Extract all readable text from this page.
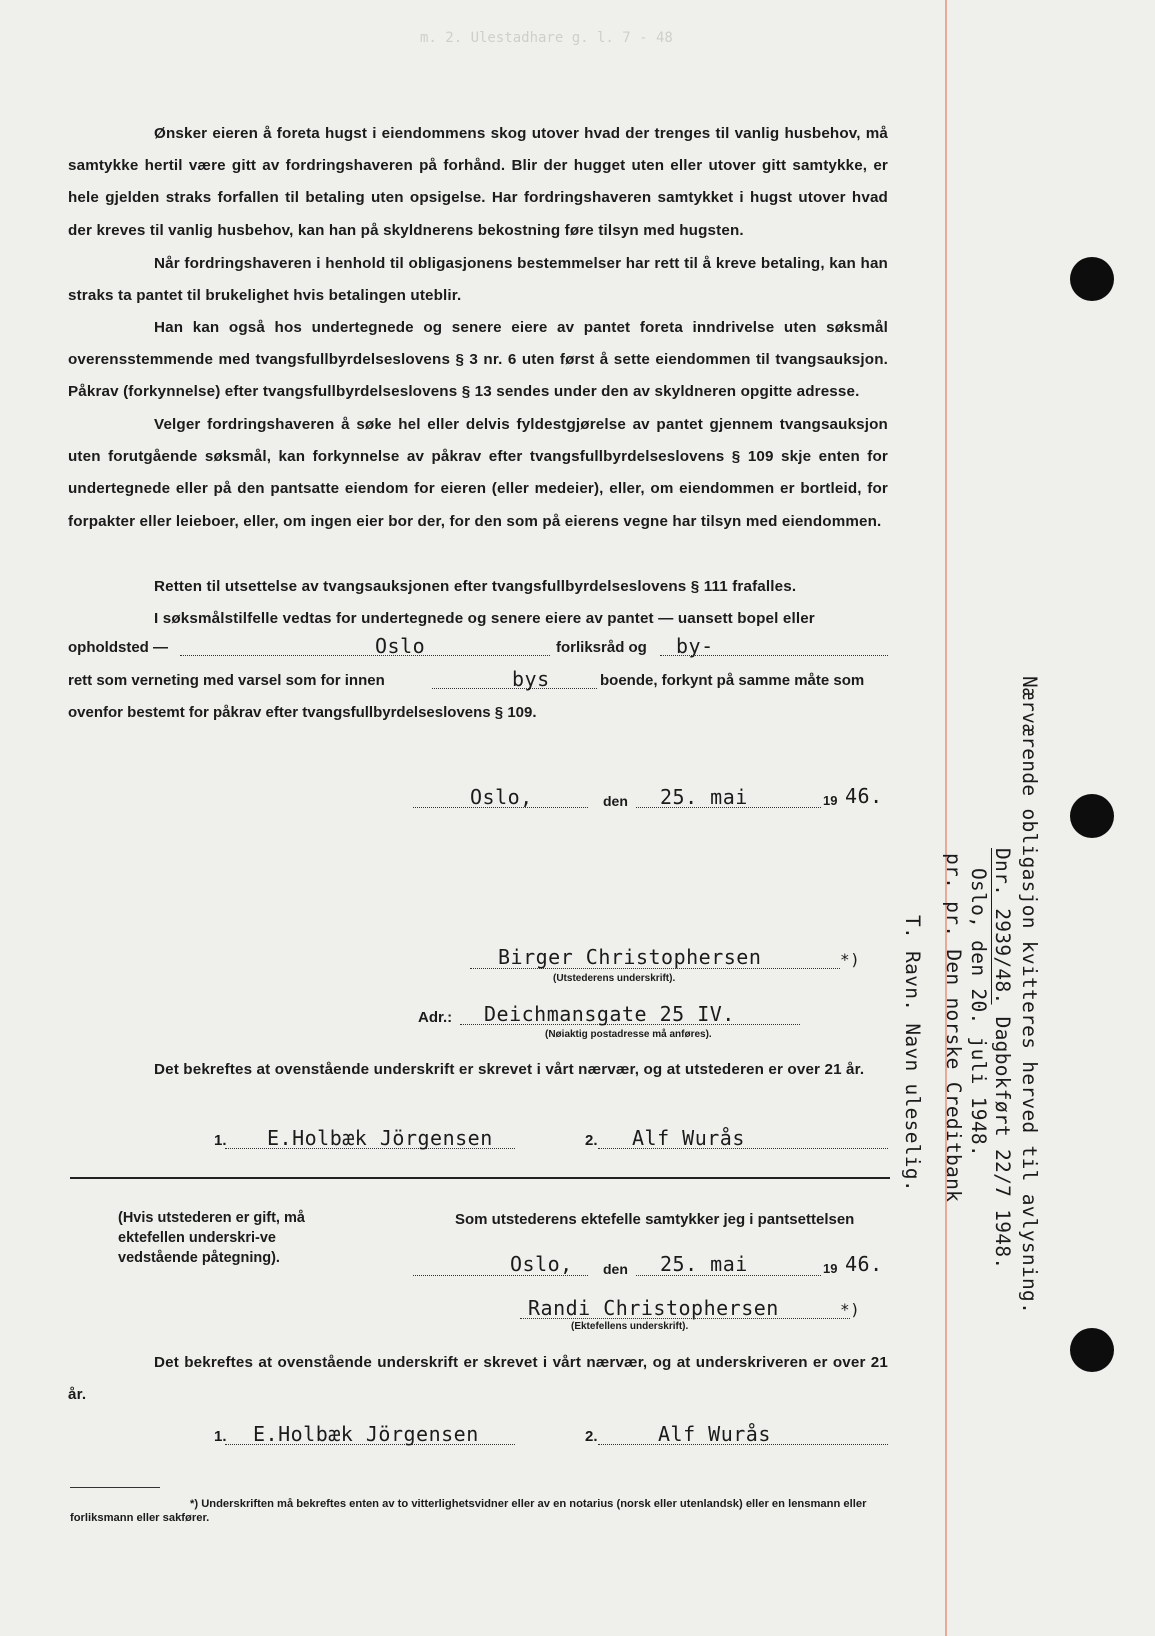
m. 2. Ulestadhare g. l. 7 - 48

Ønsker eieren å foreta hugst i eiendommens skog utover hvad der trenges til vanlig husbehov, må samtykke hertil være gitt av fordringshaveren på forhånd. Blir der hugget uten eller utover gitt samtykke, er hele gjelden straks forfallen til betaling uten opsigelse. Har fordringshaveren samtykket i hugst utover hvad der kreves til vanlig husbehov, kan han på skyldnerens bekostning føre tilsyn med hugsten.

Når fordringshaveren i henhold til obligasjonens bestemmelser har rett til å kreve betaling, kan han straks ta pantet til brukelighet hvis betalingen uteblir.

Han kan også hos undertegnede og senere eiere av pantet foreta inndrivelse uten søksmål overensstemmende med tvangsfullbyrdelseslovens § 3 nr. 6 uten først å sette eiendommen til tvangsauksjon. Påkrav (forkynnelse) efter tvangsfullbyrdelseslovens § 13 sendes under den av skyldneren opgitte adresse.

Velger fordringshaveren å søke hel eller delvis fyldestgjørelse av pantet gjennem tvangsauksjon uten forutgående søksmål, kan forkynnelse av påkrav efter tvangsfullbyrdelseslovens § 109 skje enten for undertegnede eller på den pantsatte eiendom for eieren (eller medeier), eller, om eiendommen er bortleid, for forpakter eller leieboer, eller, om ingen eier bor der, for den som på eierens vegne har tilsyn med eiendommen.

Retten til utsettelse av tvangsauksjonen efter tvangsfullbyrdelseslovens § 111 frafalles.

I søksmålstilfelle vedtas for undertegnede og senere eiere av pantet — uansett bopel eller

opholdsted —	Oslo	forliksråd og by-
rett som verneting med varsel som for innen	bys	boende, forkynt på samme måte som
ovenfor bestemt for påkrav efter tvangsfullbyrdelseslovens § 109.
Oslo,	den 25. mai	19 46.
Birger Christophersen	*)
(Utstederens underskrift).
Adr.: Deichmansgate 25 IV.
(Nøiaktig postadresse må anføres).

Det bekreftes at ovenstående underskrift er skrevet i vårt nærvær, og at utstederen er over 21 år.

1. E.Holbæk Jörgensen	2. Alf Wurås
(Hvis utstederen er gift, må ektefellen underskri-ve vedstående påtegning).
Som utstederens ektefelle samtykker jeg i pantsettelsen
Oslo, den 25. mai	19 46.
Randi Christophersen	*)
(Ektefellens underskrift).

Det bekreftes at ovenstående underskrift er skrevet i vårt nærvær, og at underskriveren er over 21 år.

1. E.Holbæk Jörgensen	2.	Alf Wurås
*) Underskriften må bekreftes enten av to vitterlighetsvidner eller av en notarius (norsk eller utenlandsk) eller en lensmann eller forliksmann eller sakfører.
Nærværende obligasjon kvitteres herved til avlysning.
Dnr. 2939/48. Dagbokført 22/7 1948.
Oslo, den 20. juli 1948.
pr. pr. Den norske Creditbank
T. Ravn. Navn uleselig.
